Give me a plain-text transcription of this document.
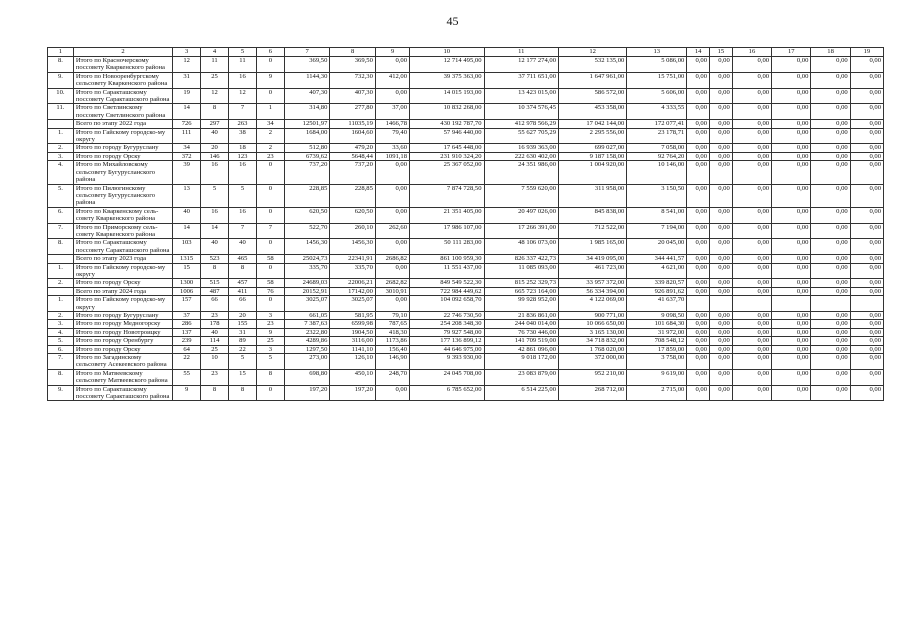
45
1	2	3	4	5	6	7	8	9	10	11	12	13	14	15	16	17	18	19
8.	Итого по Красночерскому поссовету Кваркенского района	12	11	11	0	369,50	369,50	0,00	12 714 495,00	12 177 274,00	532 135,00	5 086,00	0,00	0,00	0,00	0,00	0,00	0,00
9.	Итого по Новооренбургскому сельсовету Кваркенского района	31	25	16	9	1144,30	732,30	412,00	39 375 363,00	37 711 651,00	1 647 961,00	15 751,00	0,00	0,00	0,00	0,00	0,00	0,00
10.	Итого по Саракташскому поссовету Саракташского района	19	12	12	0	407,30	407,30	0,00	14 015 193,00	13 423 015,00	586 572,00	5 606,00	0,00	0,00	0,00	0,00	0,00	0,00
11.	Итого по Светлинскому поссовету Светлинского района	14	8	7	1	314,80	277,80	37,00	10 832 268,00	10 374 576,45	453 358,00	4 333,55	0,00	0,00	0,00	0,00	0,00	0,00
	Всего по этапу 2022 года	726	297	263	34	12501,97	11035,19	1466,78	430 192 787,70	412 978 566,29	17 042 144,00	172 077,41	0,00	0,00	0,00	0,00	0,00	0,00
1.	Итого по Гайскому городско-му округу	111	40	38	2	1684,00	1604,60	79,40	57 946 440,00	55 627 705,29	2 295 556,00	23 178,71	0,00	0,00	0,00	0,00	0,00	0,00
2.	Итого по городу Бугуруслану	34	20	18	2	512,80	479,20	33,60	17 645 448,00	16 939 363,00	699 027,00	7 058,00	0,00	0,00	0,00	0,00	0,00	0,00
3.	Итого по городу Орску	372	146	123	23	6739,62	5648,44	1091,18	231 910 324,20	222 630 402,00	9 187 158,00	92 764,20	0,00	0,00	0,00	0,00	0,00	0,00
4.	Итого по Михайловскому сельсовету Бугурусланского района	39	16	16	0	737,20	737,20	0,00	25 367 052,00	24 351 986,00	1 004 920,00	10 146,00	0,00	0,00	0,00	0,00	0,00	0,00
5.	Итого по Пилюгинскому сельсовету Бугурусланского района	13	5	5	0	228,85	228,85	0,00	7 874 728,50	7 559 620,00	311 958,00	3 150,50	0,00	0,00	0,00	0,00	0,00	0,00
6.	Итого по Кваркенскому сель-совету Кваркенского района	40	16	16	0	620,50	620,50	0,00	21 351 405,00	20 497 026,00	845 838,00	8 541,00	0,00	0,00	0,00	0,00	0,00	0,00
7.	Итого по Приморскому сель-совету Кваркенского района	14	14	7	7	522,70	260,10	262,60	17 986 107,00	17 266 391,00	712 522,00	7 194,00	0,00	0,00	0,00	0,00	0,00	0,00
8.	Итого по Саракташскому поссовету Саракташского района	103	40	40	0	1456,30	1456,30	0,00	50 111 283,00	48 106 073,00	1 985 165,00	20 045,00	0,00	0,00	0,00	0,00	0,00	0,00
	Всего по этапу 2023 года	1315	523	465	58	25024,73	22341,91	2686,82	861 100 959,30	826 337 422,73	34 419 095,00	344 441,57	0,00	0,00	0,00	0,00	0,00	0,00
1.	Итого по Гайскому городско-му округу	15	8	8	0	335,70	335,70	0,00	11 551 437,00	11 085 093,00	461 723,00	4 621,00	0,00	0,00	0,00	0,00	0,00	0,00
2.	Итого по городу Орску	1300	515	457	58	24689,03	22006,21	2682,82	849 549 522,30	815 252 329,73	33 957 372,00	339 820,57	0,00	0,00	0,00	0,00	0,00	0,00
	Всего по этапу 2024 года	1006	487	411	76	20152,91	17142,00	3010,91	722 984 449,62	665 723 164,00	56 334 394,00	926 891,62	0,00	0,00	0,00	0,00	0,00	0,00
1.	Итого по Гайскому городско-му округу	157	66	66	0	3025,07	3025,07	0,00	104 092 658,70	99 928 952,00	4 122 069,00	41 637,70						
2.	Итого по городу Бугуруслану	37	23	20	3	661,05	581,95	79,10	22 746 730,50	21 836 861,00	900 771,00	9 098,50	0,00	0,00	0,00	0,00	0,00	0,00
3.	Итого по городу Медногорску	286	178	155	23	7 387,63	6599,98	787,65	254 208 348,30	244 040 014,00	10 066 650,00	101 684,30	0,00	0,00	0,00	0,00	0,00	0,00
4.	Итого по городу Новотроицку	137	40	31	9	2322,80	1904,50	418,30	79 927 548,00	76 730 446,00	3 165 130,00	31 972,00	0,00	0,00	0,00	0,00	0,00	0,00
5.	Итого по городу Оренбургу	239	114	89	25	4289,86	3116,00	1173,86	177 136 899,12	141 709 519,00	34 718 832,00	708 548,12	0,00	0,00	0,00	0,00	0,00	0,00
6.	Итого по городу Орску	64	25	22	3	1297,50	1141,10	156,40	44 646 975,00	42 861 096,00	1 768 020,00	17 859,00	0,00	0,00	0,00	0,00	0,00	0,00
7.	Итого по Загадинскому сельсовету Асекеевского района	22	10	5	5	273,00	126,10	146,90	9 393 930,00	9 018 172,00	372 000,00	3 758,00	0,00	0,00	0,00	0,00	0,00	0,00
8.	Итого по Матвеевскому сельсовету Матвеевского района	55	23	15	8	698,80	450,10	248,70	24 045 708,00	23 083 879,00	952 210,00	9 619,00	0,00	0,00	0,00	0,00	0,00	0,00
9.	Итого по Саракташскому поссовету Саракташского района	9	8	8	0	197,20	197,20	0,00	6 785 652,00	6 514 225,00	268 712,00	2 715,00	0,00	0,00	0,00	0,00	0,00	0,00
